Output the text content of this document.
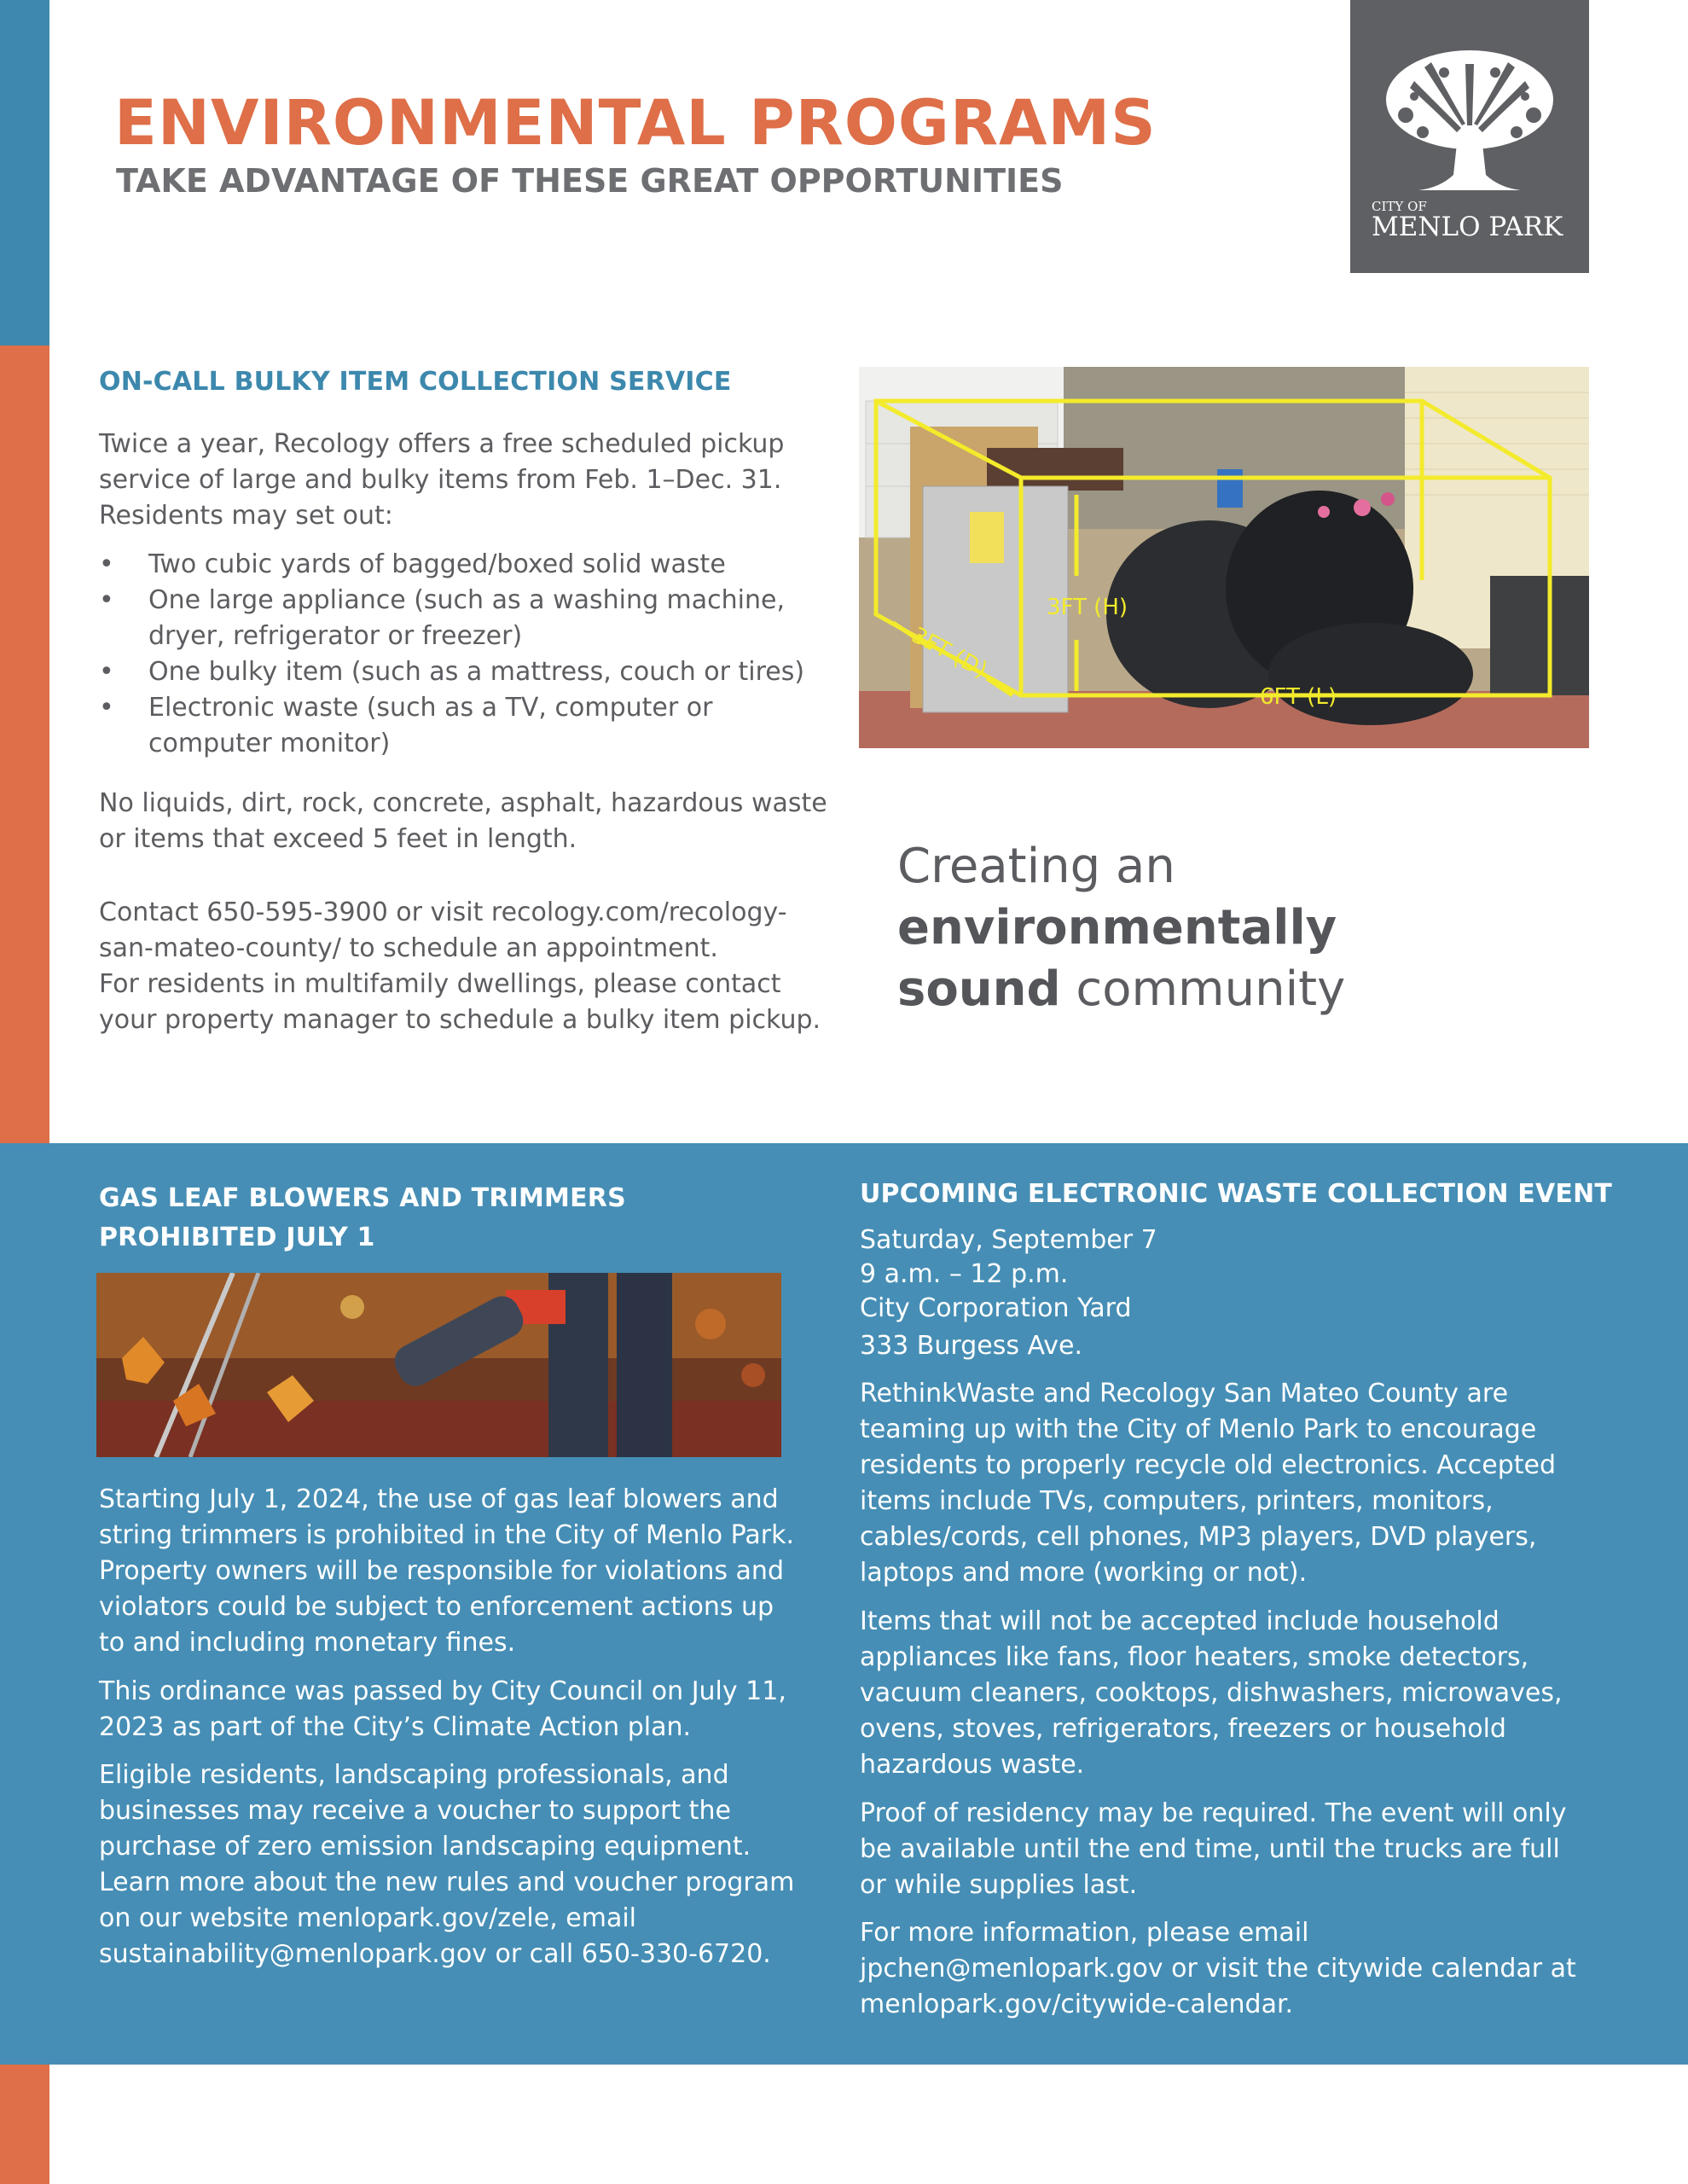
ENVIRONMENTAL PROGRAMS
TAKE ADVANTAGE OF THESE GREAT OPPORTUNITIES
CITY OF
MENLO PARK
ON-CALL BULKY ITEM COLLECTION SERVICE
Twice a year, Recology offers a free scheduled pickup service of large and bulky items from Feb. 1–Dec. 31. Residents may set out:
• Two cubic yards of bagged/boxed solid waste
• One large appliance (such as a washing machine, dryer, refrigerator or freezer)
• One bulky item (such as a mattress, couch or tires)
• Electronic waste (such as a TV, computer or computer monitor)
No liquids, dirt, rock, concrete, asphalt, hazardous waste or items that exceed 5 feet in length.
Contact 650-595-3900 or visit recology.com/recology-san-mateo-county/ to schedule an appointment.
For residents in multifamily dwellings, please contact your property manager to schedule a bulky item pickup.
3FT (H)
3FT (D)
6FT (L)
Creating an environmentally
sound community
GAS LEAF BLOWERS AND TRIMMERS
PROHIBITED JULY 1
Starting July 1, 2024, the use of gas leaf blowers and string trimmers is prohibited in the City of Menlo Park. Property owners will be responsible for violations and violators could be subject to enforcement actions up to and including monetary fines.
This ordinance was passed by City Council on July 11, 2023 as part of the City’s Climate Action plan.
Eligible residents, landscaping professionals, and businesses may receive a voucher to support the purchase of zero emission landscaping equipment. Learn more about the new rules and voucher program on our website menlopark.gov/zele, email sustainability@menlopark.gov or call 650-330-6720.
UPCOMING ELECTRONIC WASTE COLLECTION EVENT
Saturday, September 7
9 a.m. – 12 p.m.
City Corporation Yard
333 Burgess Ave.
RethinkWaste and Recology San Mateo County are teaming up with the City of Menlo Park to encourage residents to properly recycle old electronics. Accepted items include TVs, computers, printers, monitors, cables/cords, cell phones, MP3 players, DVD players, laptops and more (working or not).
Items that will not be accepted include household appliances like fans, floor heaters, smoke detectors, vacuum cleaners, cooktops, dishwashers, microwaves, ovens, stoves, refrigerators, freezers or household hazardous waste.
Proof of residency may be required. The event will only be available until the end time, until the trucks are full or while supplies last.
For more information, please email jpchen@menlopark.gov or visit the citywide calendar at menlopark.gov/citywide-calendar.
